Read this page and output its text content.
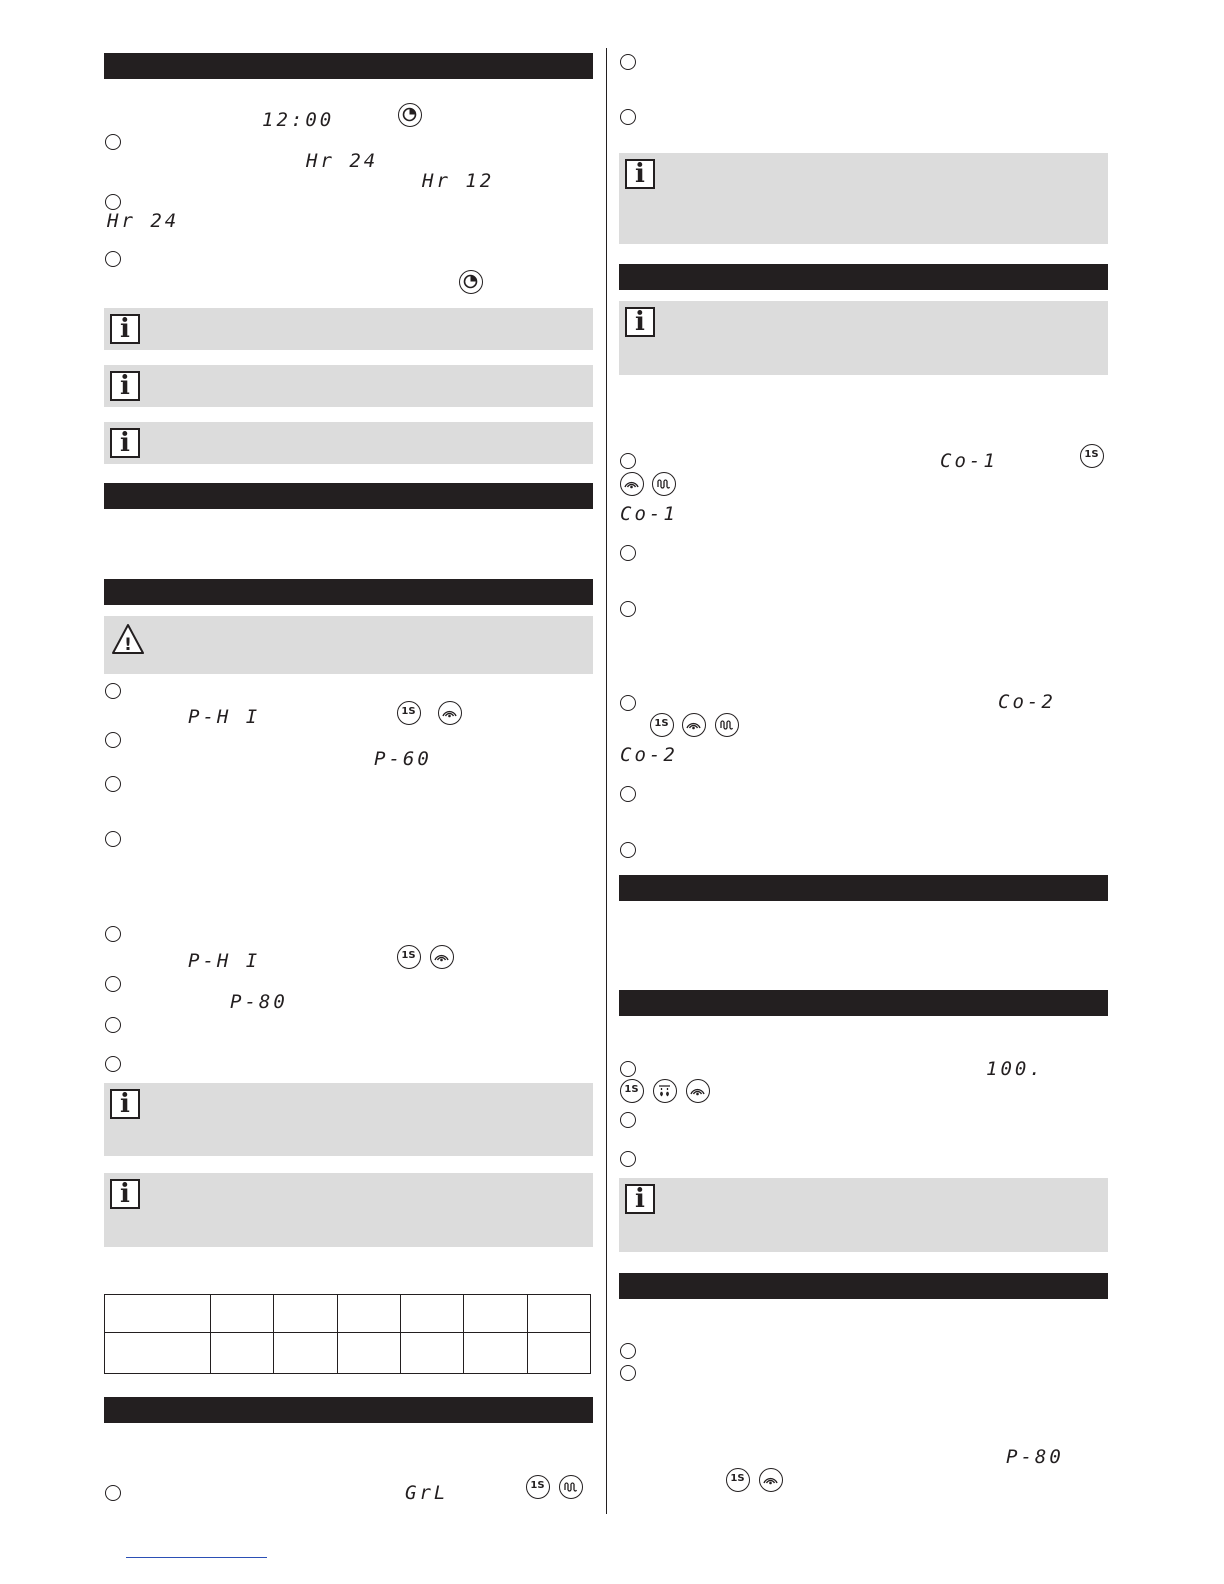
12:00
Hr 24
Hr 12
Hr 24
i
i
i
!
P-H I	1S
P-60
P-H I	1S
P-80
i
i

GrL	1S
i
i
Co-1	1S
Co-1
Co-2
1S
Co-2
100.
1S
i
P-80
1S
